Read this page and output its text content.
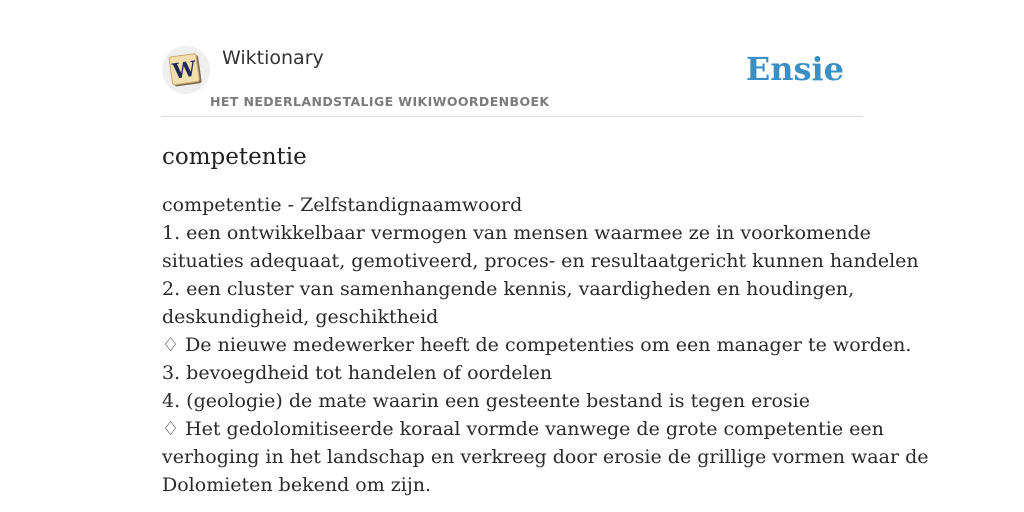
W Wiktionary
HET NEDERLANDSTALIGE WIKIWOORDENBOEK
Ensie
competentie
competentie - Zelfstandignaamwoord
1. een ontwikkelbaar vermogen van mensen waarmee ze in voorkomende
situaties adequaat, gemotiveerd, proces- en resultaatgericht kunnen handelen
2. een cluster van samenhangende kennis, vaardigheden en houdingen,
deskundigheid, geschiktheid
♢ De nieuwe medewerker heeft de competenties om een manager te worden.
3. bevoegdheid tot handelen of oordelen
4. (geologie) de mate waarin een gesteente bestand is tegen erosie
♢ Het gedolomitiseerde koraal vormde vanwege de grote competentie een
verhoging in het landschap en verkreeg door erosie de grillige vormen waar de
Dolomieten bekend om zijn.
